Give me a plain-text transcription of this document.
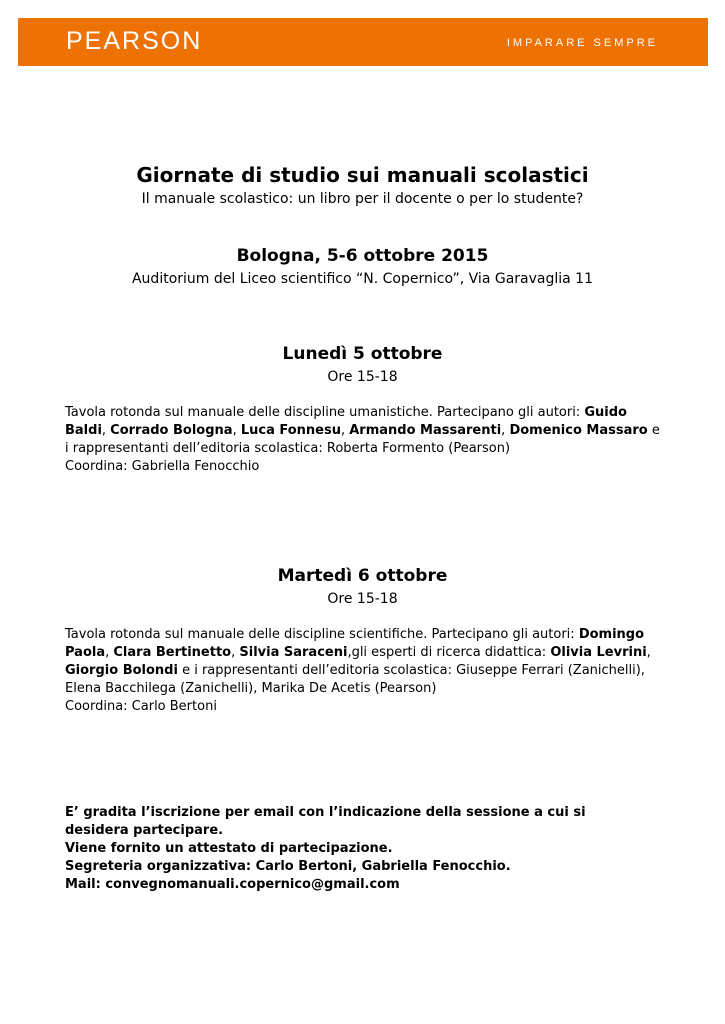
PEARSON	IMPARARE SEMPRE
Giornate di studio sui manuali scolastici
Il manuale scolastico: un libro per il docente o per lo studente?
Bologna, 5-6 ottobre 2015
Auditorium del Liceo scientifico “N. Copernico”, Via Garavaglia 11
Lunedì 5 ottobre
Ore 15-18
Tavola rotonda sul manuale delle discipline umanistiche. Partecipano gli autori: Guido Baldi, Corrado Bologna, Luca Fonnesu, Armando Massarenti, Domenico Massaro e i rappresentanti dell’editoria scolastica: Roberta Formento (Pearson)
Coordina: Gabriella Fenocchio
Martedì 6 ottobre
Ore 15-18
Tavola rotonda sul manuale delle discipline scientifiche. Partecipano gli autori: Domingo Paola, Clara Bertinetto, Silvia Saraceni,gli esperti di ricerca didattica: Olivia Levrini, Giorgio Bolondi e i rappresentanti dell’editoria scolastica: Giuseppe Ferrari (Zanichelli), Elena Bacchilega (Zanichelli), Marika De Acetis (Pearson)
Coordina: Carlo Bertoni
E’ gradita l’iscrizione per email con l’indicazione della sessione a cui si
desidera partecipare.
Viene fornito un attestato di partecipazione.
Segreteria organizzativa: Carlo Bertoni, Gabriella Fenocchio.
Mail: convegnomanuali.copernico@gmail.com
